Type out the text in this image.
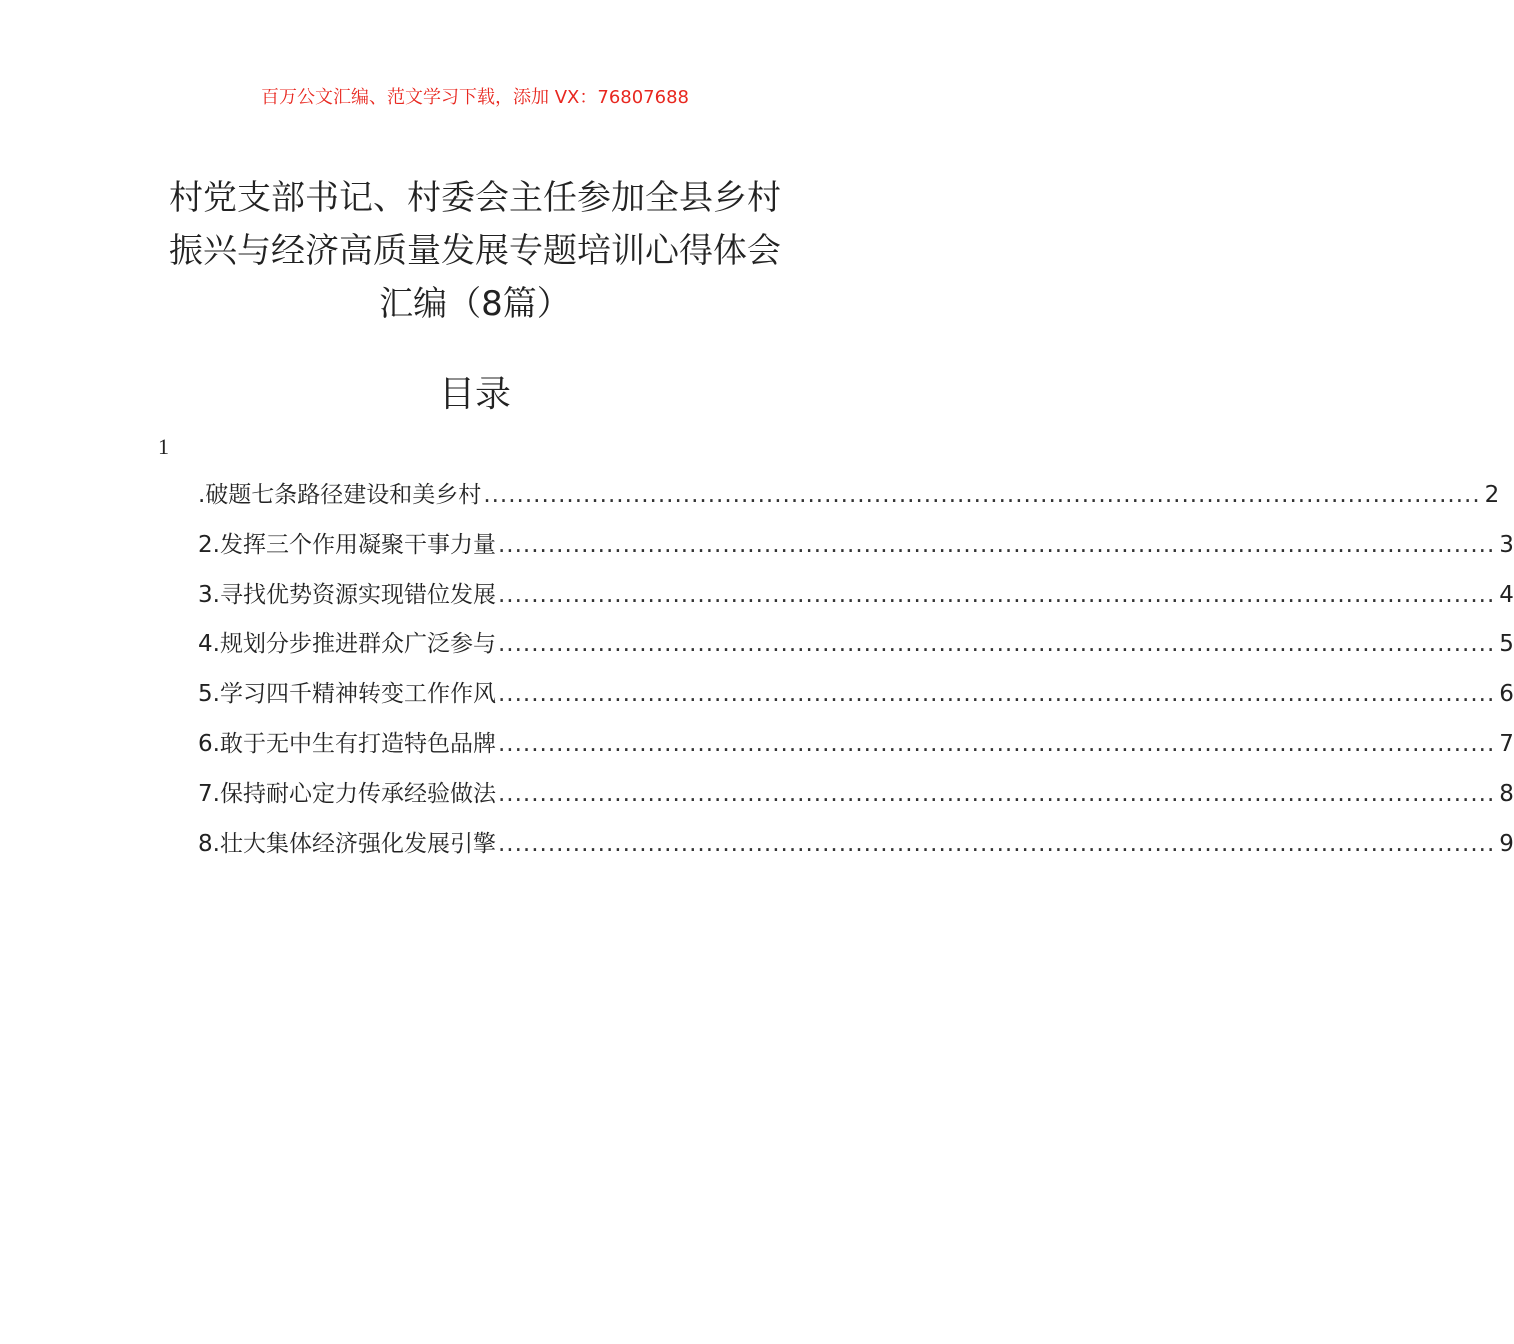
百万公文汇编、范文学习下载，添加 VX：76807688
村党支部书记、村委会主任参加全县乡村
振兴与经济高质量发展专题培训心得体会
汇编（8篇）
目录
1
.破题七条路径建设和美乡村 ........................................................................................................................ 2
2.发挥三个作用凝聚干事力量 ........................................................................................................................ 3
3.寻找优势资源实现错位发展 ........................................................................................................................ 4
4.规划分步推进群众广泛参与 ........................................................................................................................ 5
5.学习四千精神转变工作作风 ........................................................................................................................ 6
6.敢于无中生有打造特色品牌 ........................................................................................................................ 7
7.保持耐心定力传承经验做法 ........................................................................................................................ 8
8.壮大集体经济强化发展引擎 ........................................................................................................................ 9
